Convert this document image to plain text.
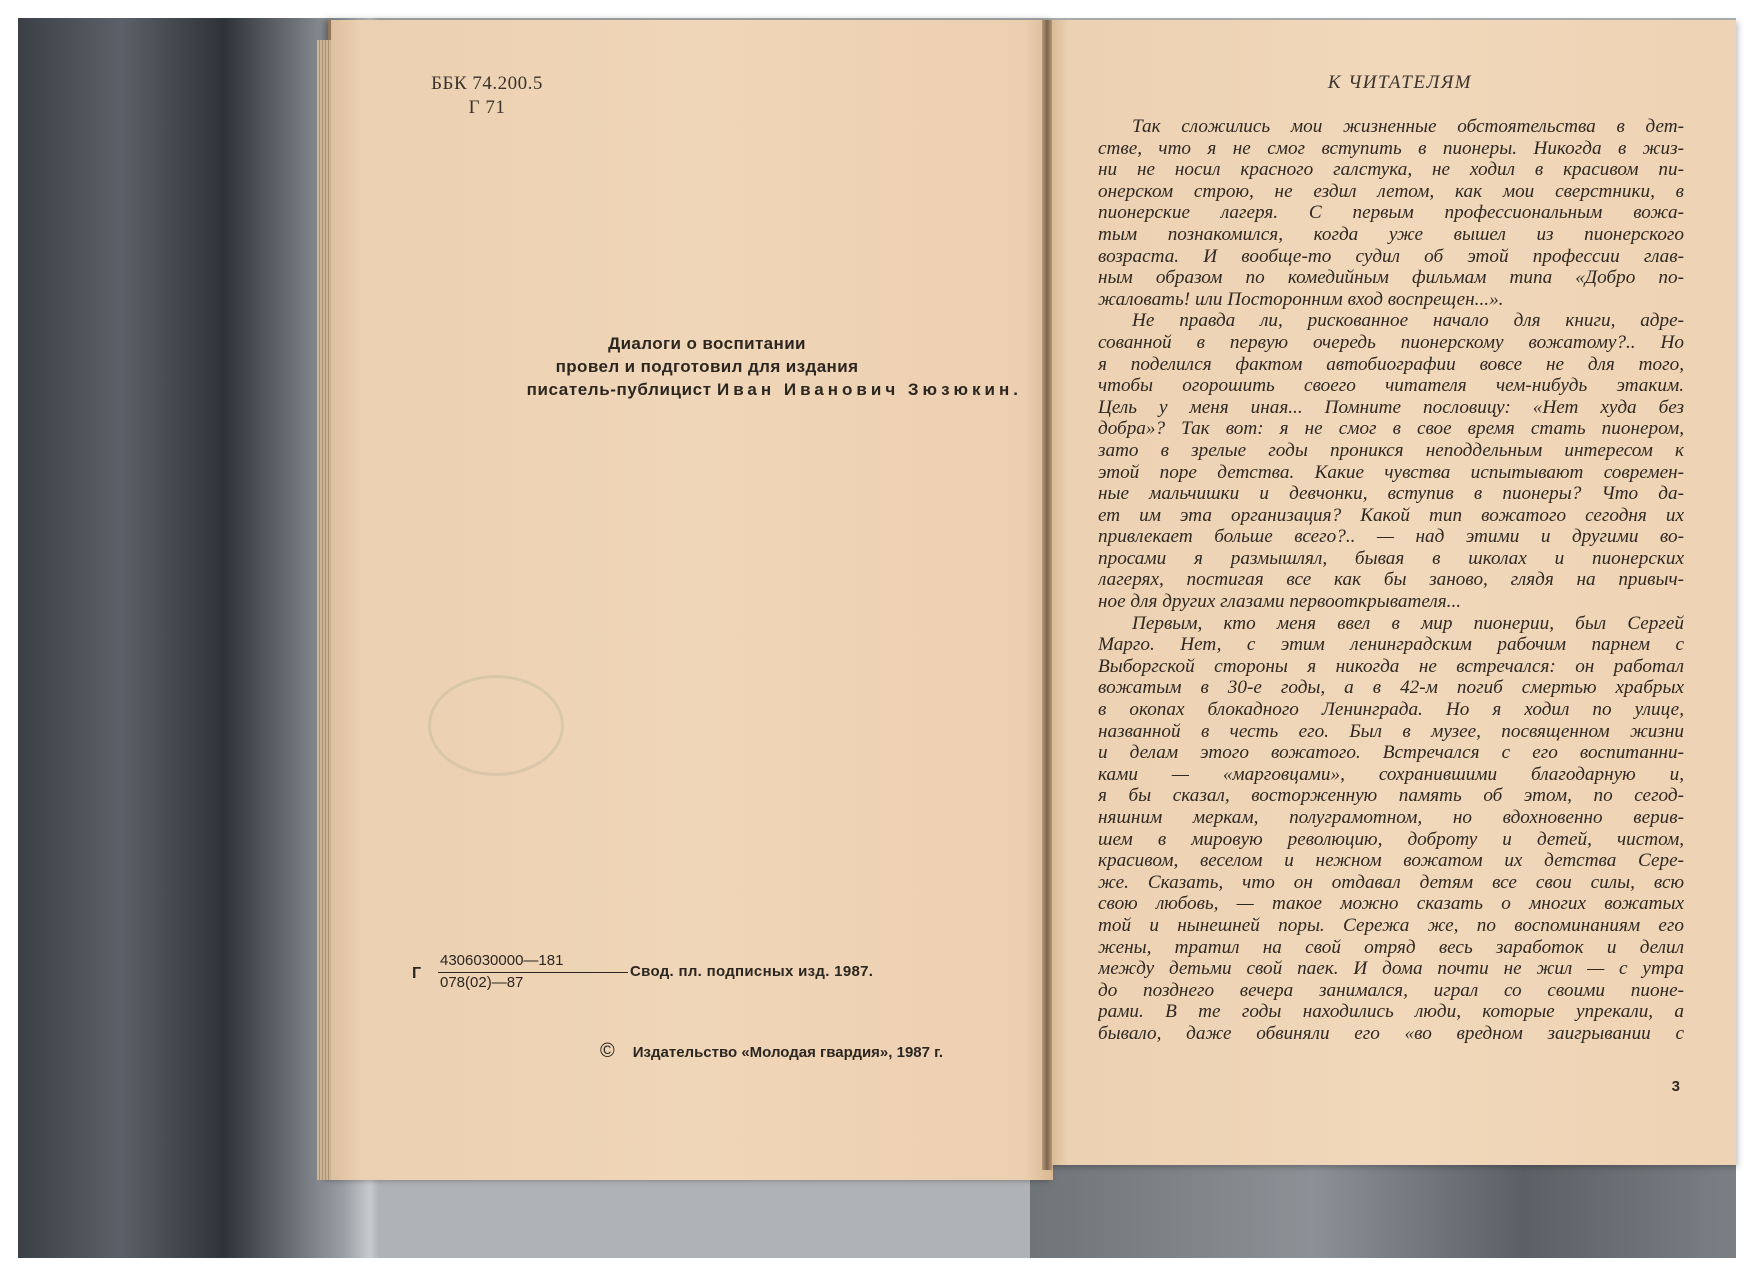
ББК 74.200.5
Г 71
Диалоги о воспитании
провел и подготовил для издания
писатель-публицист Иван Иванович Зюзюкин.
Г
4306030000—181
078(02)—87
Свод. пл. подписных изд. 1987.
© Издательство «Молодая гвардия», 1987 г.
К ЧИТАТЕЛЯМ
Так сложились мои жизненные обстоятельства в дет-
стве, что я не смог вступить в пионеры. Никогда в жиз-
ни не носил красного галстука, не ходил в красивом пи-
онерском строю, не ездил летом, как мои сверстники, в
пионерские лагеря. С первым профессиональным вожа-
тым познакомился, когда уже вышел из пионерского
возраста. И вообще-то судил об этой профессии глав-
ным образом по комедийным фильмам типа «Добро по-
жаловать! или Посторонним вход воспрещен...».
Не правда ли, рискованное начало для книги, адре-
сованной в первую очередь пионерскому вожатому?.. Но
я поделился фактом автобиографии вовсе не для того,
чтобы огорошить своего читателя чем-нибудь этаким.
Цель у меня иная... Помните пословицу: «Нет худа без
добра»? Так вот: я не смог в свое время стать пионером,
зато в зрелые годы проникся неподдельным интересом к
этой поре детства. Какие чувства испытывают современ-
ные мальчишки и девчонки, вступив в пионеры? Что да-
ет им эта организация? Какой тип вожатого сегодня их
привлекает больше всего?.. — над этими и другими во-
просами я размышлял, бывая в школах и пионерских
лагерях, постигая все как бы заново, глядя на привыч-
ное для других глазами первооткрывателя...
Первым, кто меня ввел в мир пионерии, был Сергей
Марго. Нет, с этим ленинградским рабочим парнем с
Выборгской стороны я никогда не встречался: он работал
вожатым в 30-е годы, а в 42-м погиб смертью храбрых
в окопах блокадного Ленинграда. Но я ходил по улице,
названной в честь его. Был в музее, посвященном жизни
и делам этого вожатого. Встречался с его воспитанни-
ками — «марговцами», сохранившими благодарную и,
я бы сказал, восторженную память об этом, по сегод-
няшним меркам, полуграмотном, но вдохновенно верив-
шем в мировую революцию, доброту и детей, чистом,
красивом, веселом и нежном вожатом их детства Сере-
же. Сказать, что он отдавал детям все свои силы, всю
свою любовь, — такое можно сказать о многих вожатых
той и нынешней поры. Сережа же, по воспоминаниям его
жены, тратил на свой отряд весь заработок и делил
между детьми свой паек. И дома почти не жил — с утра
до позднего вечера занимался, играл со своими пионе-
рами. В те годы находились люди, которые упрекали, а
бывало, даже обвиняли его «во вредном заигрывании с
3
